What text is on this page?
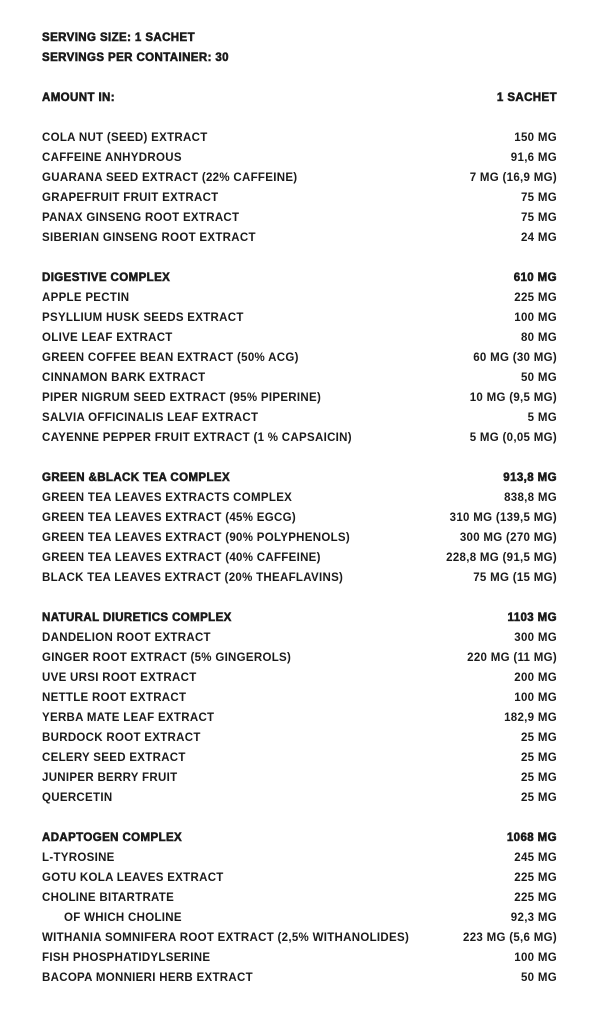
SERVING SIZE: 1 SACHET
SERVINGS PER CONTAINER: 30
AMOUNT IN:	1 SACHET
COLA NUT (SEED) EXTRACT	150 MG
CAFFEINE ANHYDROUS	91,6 MG
GUARANA SEED EXTRACT (22% CAFFEINE)	7 MG (16,9 MG)
GRAPEFRUIT FRUIT EXTRACT	75 MG
PANAX GINSENG ROOT EXTRACT	75 MG
SIBERIAN GINSENG ROOT EXTRACT	24 MG
DIGESTIVE COMPLEX	610 MG
APPLE PECTIN	225 MG
PSYLLIUM HUSK SEEDS EXTRACT	100 MG
OLIVE LEAF EXTRACT	80 MG
GREEN COFFEE BEAN EXTRACT (50% ACG)	60 MG (30 MG)
CINNAMON BARK EXTRACT	50 MG
PIPER NIGRUM SEED EXTRACT (95% PIPERINE)	10 MG (9,5 MG)
SALVIA OFFICINALIS LEAF EXTRACT	5 MG
CAYENNE PEPPER FRUIT EXTRACT (1 % CAPSAICIN)	5 MG (0,05 MG)
GREEN &BLACK TEA COMPLEX	913,8 MG
GREEN TEA LEAVES EXTRACTS COMPLEX	838,8 MG
GREEN TEA LEAVES EXTRACT (45% EGCG)	310 MG (139,5 MG)
GREEN TEA LEAVES EXTRACT (90% POLYPHENOLS)	300 MG (270 MG)
GREEN TEA LEAVES EXTRACT (40% CAFFEINE)	228,8 MG (91,5 MG)
BLACK TEA LEAVES EXTRACT (20% THEAFLAVINS)	75 MG (15 MG)
NATURAL DIURETICS COMPLEX	1103 MG
DANDELION ROOT EXTRACT	300 MG
GINGER ROOT EXTRACT (5% GINGEROLS)	220 MG (11 MG)
UVE URSI ROOT EXTRACT	200 MG
NETTLE ROOT EXTRACT	100 MG
YERBA MATE LEAF EXTRACT	182,9 MG
BURDOCK ROOT EXTRACT	25 MG
CELERY SEED EXTRACT	25 MG
JUNIPER BERRY FRUIT	25 MG
QUERCETIN	25 MG
ADAPTOGEN COMPLEX	1068 MG
L-TYROSINE	245 MG
GOTU KOLA LEAVES EXTRACT	225 MG
CHOLINE BITARTRATE	225 MG
OF WHICH CHOLINE	92,3 MG
WITHANIA SOMNIFERA ROOT EXTRACT (2,5% WITHANOLIDES)	223 MG (5,6 MG)
FISH PHOSPHATIDYLSERINE	100 MG
BACOPA MONNIERI HERB EXTRACT	50 MG
